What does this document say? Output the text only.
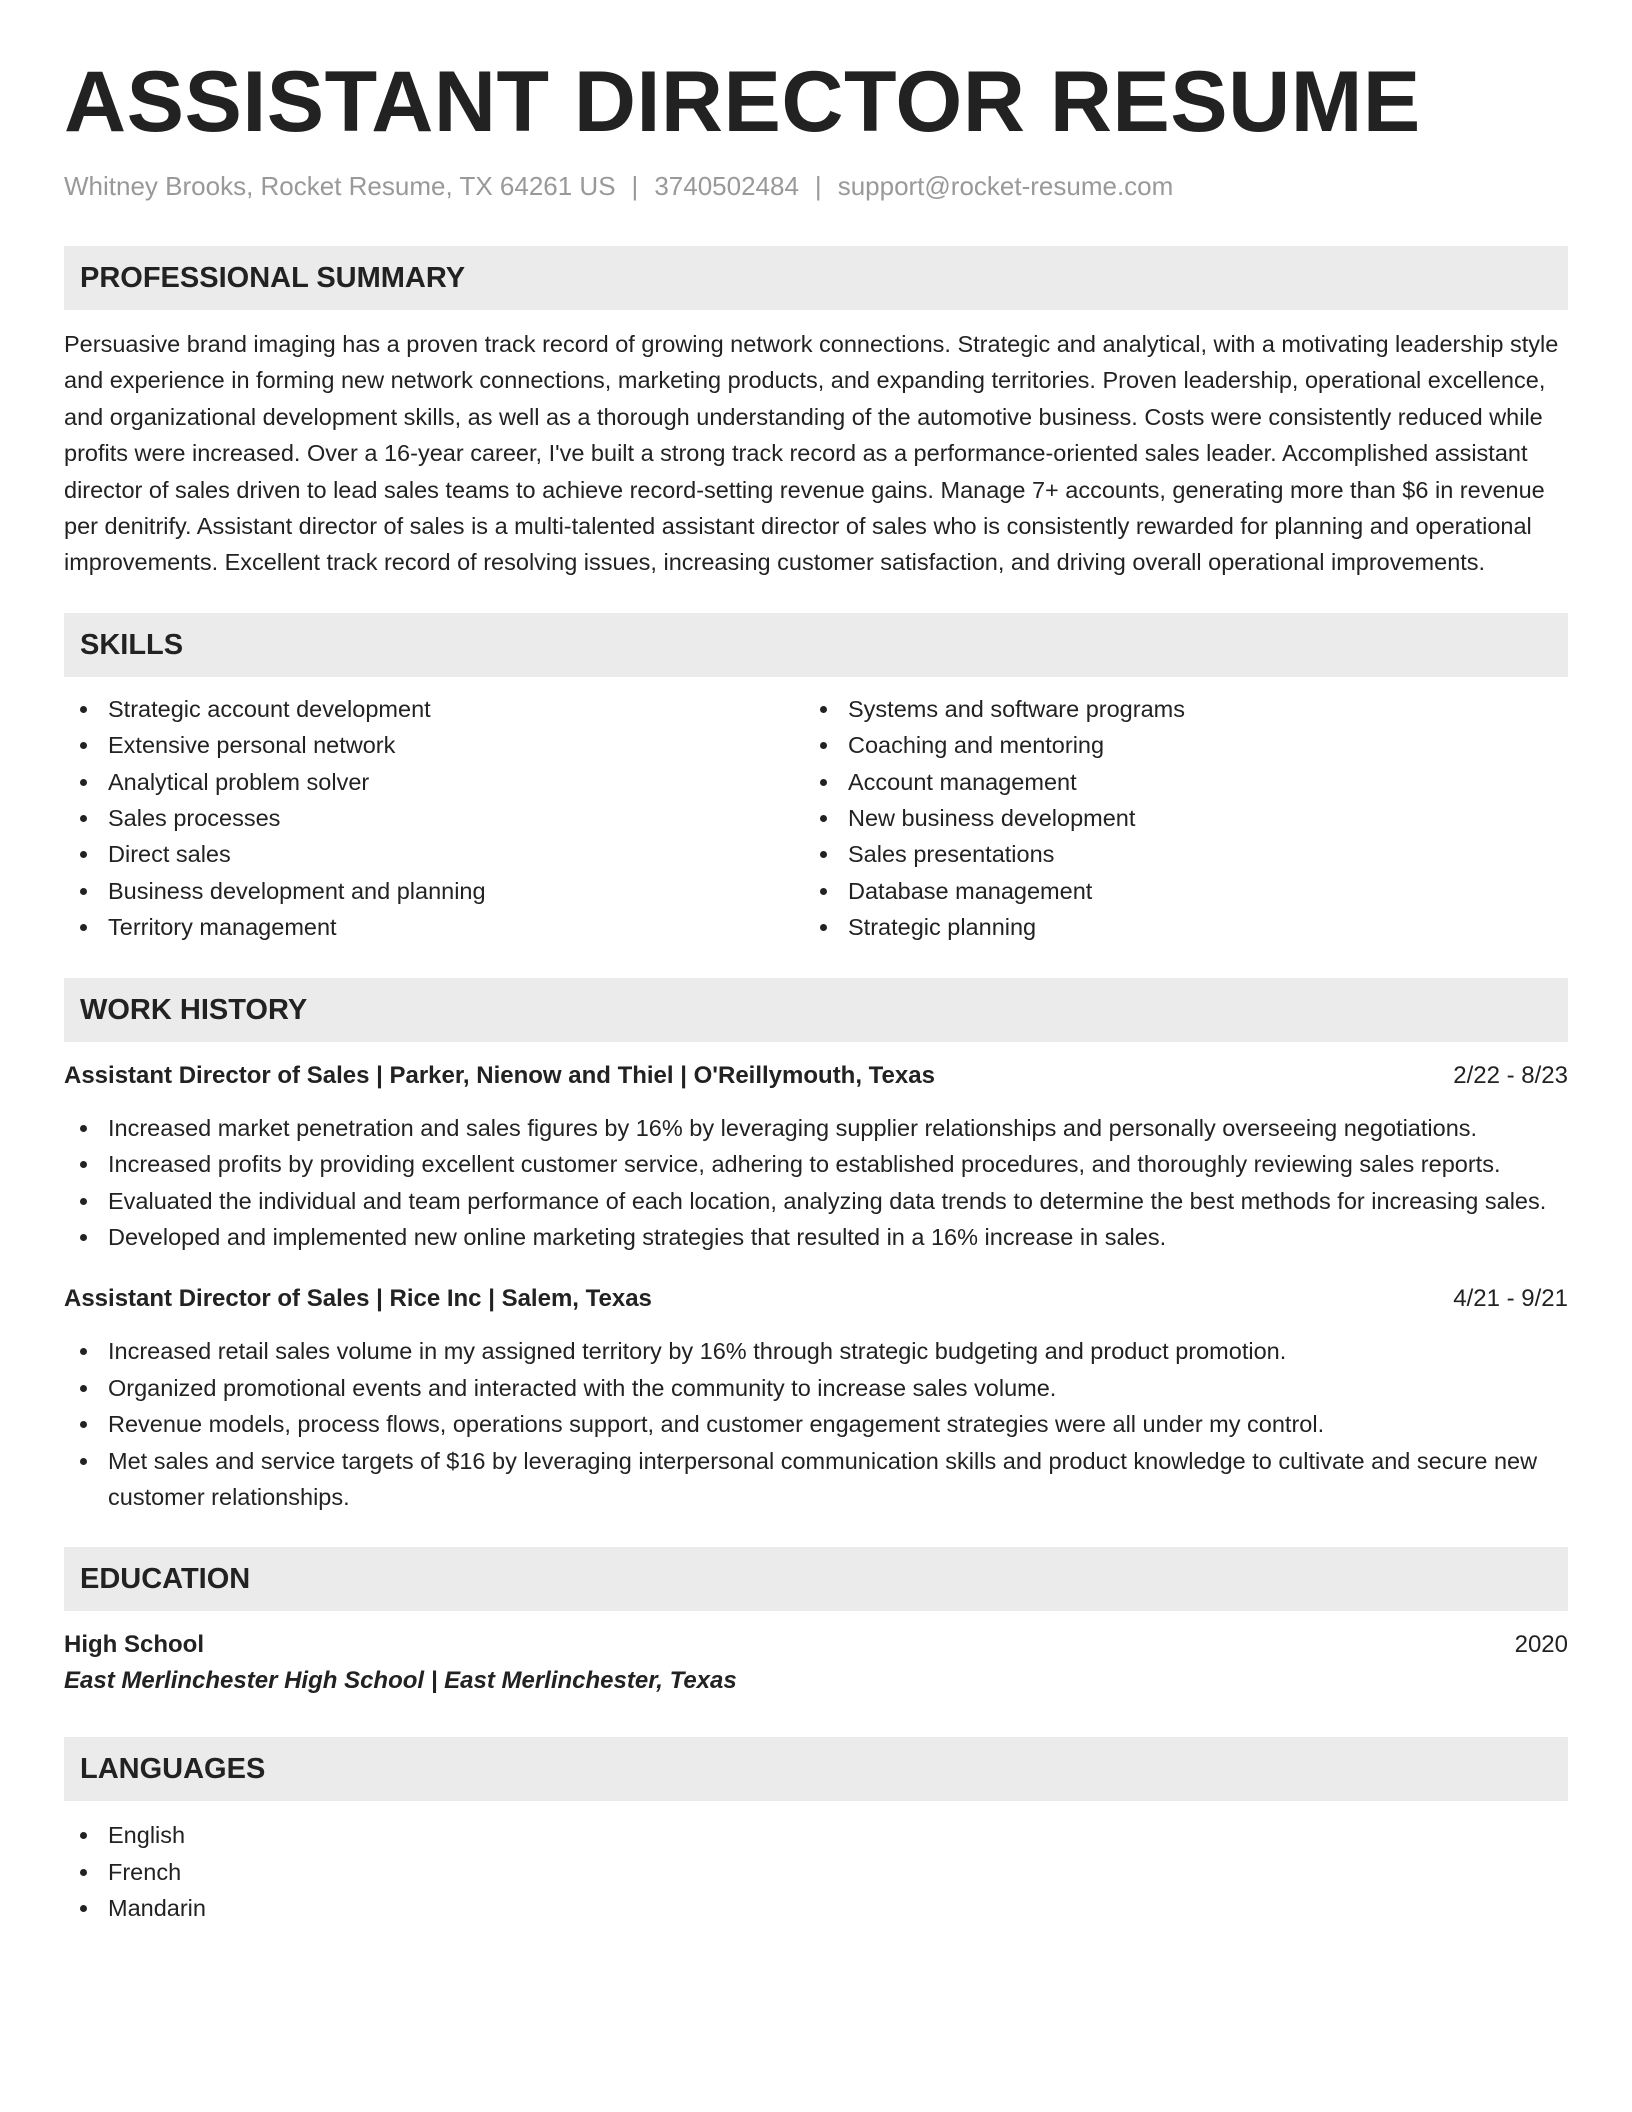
ASSISTANT DIRECTOR RESUME
Whitney Brooks, Rocket Resume, TX 64261 US | 3740502484 | support@rocket-resume.com
PROFESSIONAL SUMMARY
Persuasive brand imaging has a proven track record of growing network connections. Strategic and analytical, with a motivating leadership style and experience in forming new network connections, marketing products, and expanding territories. Proven leadership, operational excellence, and organizational development skills, as well as a thorough understanding of the automotive business. Costs were consistently reduced while profits were increased. Over a 16-year career, I've built a strong track record as a performance-oriented sales leader. Accomplished assistant director of sales driven to lead sales teams to achieve record-setting revenue gains. Manage 7+ accounts, generating more than $6 in revenue per denitrify. Assistant director of sales is a multi-talented assistant director of sales who is consistently rewarded for planning and operational improvements. Excellent track record of resolving issues, increasing customer satisfaction, and driving overall operational improvements.
SKILLS
Strategic account development
Extensive personal network
Analytical problem solver
Sales processes
Direct sales
Business development and planning
Territory management
Systems and software programs
Coaching and mentoring
Account management
New business development
Sales presentations
Database management
Strategic planning
WORK HISTORY
Assistant Director of Sales | Parker, Nienow and Thiel | O'Reillymouth, Texas	2/22 - 8/23
Increased market penetration and sales figures by 16% by leveraging supplier relationships and personally overseeing negotiations.
Increased profits by providing excellent customer service, adhering to established procedures, and thoroughly reviewing sales reports.
Evaluated the individual and team performance of each location, analyzing data trends to determine the best methods for increasing sales.
Developed and implemented new online marketing strategies that resulted in a 16% increase in sales.
Assistant Director of Sales | Rice Inc | Salem, Texas	4/21 - 9/21
Increased retail sales volume in my assigned territory by 16% through strategic budgeting and product promotion.
Organized promotional events and interacted with the community to increase sales volume.
Revenue models, process flows, operations support, and customer engagement strategies were all under my control.
Met sales and service targets of $16 by leveraging interpersonal communication skills and product knowledge to cultivate and secure new customer relationships.
EDUCATION
High School	2020
East Merlinchester High School | East Merlinchester, Texas
LANGUAGES
English
French
Mandarin
